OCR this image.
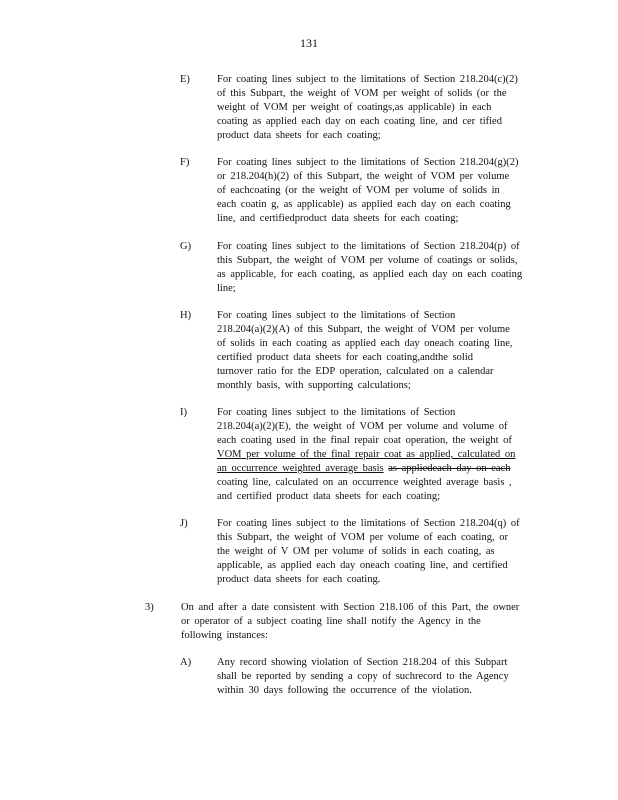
131
E)	For coating lines subject to the limitations of Section 218.204(c)(2)
of this Subpart, the weight of VOM per weight of solids (or the
weight of VOM per weight of coatings,as applicable) in each
coating as applied each day on each coating line, and cer tified
product data sheets for each coating;
F)	For coating lines subject to the limitations of Section 218.204(g)(2)
or 218.204(h)(2) of this Subpart, the weight of VOM per volume
of eachcoating (or the weight of VOM per volume of solids in
each coatin g, as applicable) as applied each day on each coating
line, and certifiedproduct data sheets for each coating;
G) For coating lines subject to the limitations of Section 218.204(p) of
this Subpart, the weight of VOM per volume of coatings or solids,
as applicable, for each coating, as applied each day on each coating
line;
H) For coating lines subject to the limitations of Section
218.204(a)(2)(A) of this Subpart, the weight of VOM per volume
of solids in each coating as applied each day oneach coating line,
certified product data sheets for each coating,andthe solid
turnover ratio for the EDP operation, calculated on a calendar
monthly basis, with supporting calculations;
I)	For coating lines subject to the limitations of Section
218.204(a)(2)(E), the weight of VOM per volume and volume of
each coating used in the final repair coat operation, the weight of
VOM per volume of the final repair coat as applied, calculated on
an occurrence weighted average basis as appliedeach day on each
coating line, calculated on an occurrence weighted average basis ,
and certified product data sheets for each coating;
J)	For coating lines subject to the limitations of Section 218.204(q) of
this Subpart, the weight of VOM per volume of each coating, or
the weight of V OM per volume of solids in each coating, as
applicable, as applied each day oneach coating line, and certified
product data sheets for each coating.
3)	On and after a date consistent with Section 218.106 of this Part, the owner
or operator of a subject coating line shall notify the Agency in the
following instances:
A) Any record showing violation of Section 218.204 of this Subpart
shall be reported by sending a copy of suchrecord to the Agency
within 30 days following the occurrence of the violation.
